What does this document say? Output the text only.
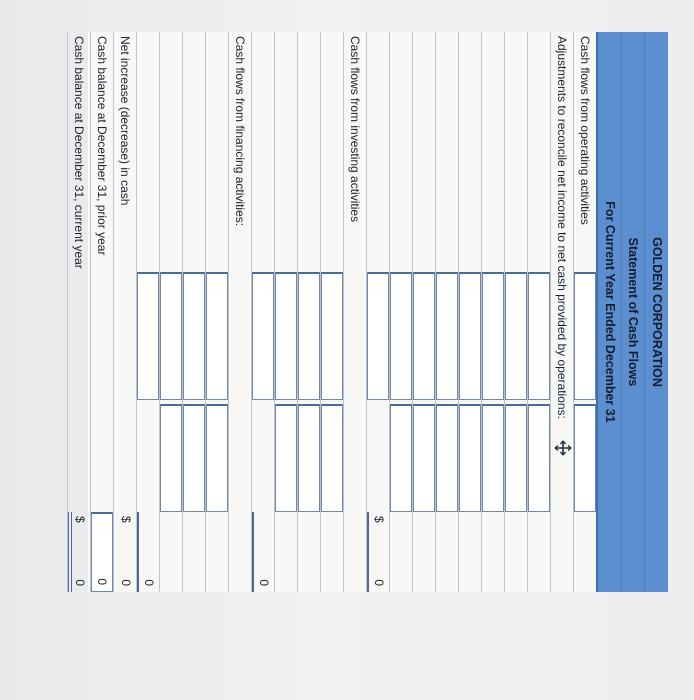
GOLDEN CORPORATION
Statement of Cash Flows
For Current Year Ended December 31
Cash flows from operating activities
Adjustments to reconcile net income to net cash provided by operations:
$
0
Cash flows from investing activities
0
Cash flows from financing activities:
0
Net increase (decrease) in cash
$
0
Cash balance at December 31, prior year
0
Cash balance at December 31, current year
$
0
